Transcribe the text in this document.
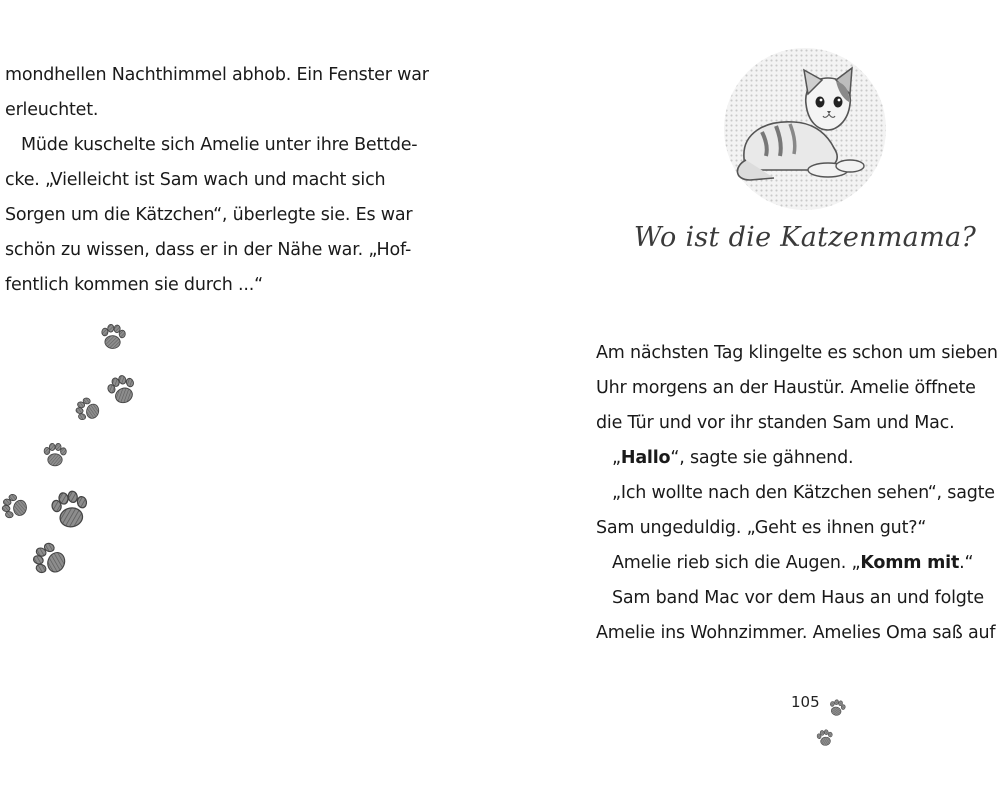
mondhellen Nachthimmel abhob. Ein Fenster war
erleuchtet.
Müde kuschelte sich Amelie unter ihre Bettde-
cke. „Vielleicht ist Sam wach und macht sich
Sorgen um die Kätzchen“, überlegte sie. Es war
schön zu wissen, dass er in der Nähe war. „Hof-
fentlich kommen sie durch ...“
Wo ist die Katzenmama?
Am nächsten Tag klingelte es schon um sieben
Uhr morgens an der Haustür. Amelie öffnete
die Tür und vor ihr standen Sam und Mac.
„Hallo“, sagte sie gähnend.
„Ich wollte nach den Kätzchen sehen“, sagte
Sam ungeduldig. „Geht es ihnen gut?“
Amelie rieb sich die Augen. „Komm mit.“
Sam band Mac vor dem Haus an und folgte
Amelie ins Wohnzimmer. Amelies Oma saß auf
105
